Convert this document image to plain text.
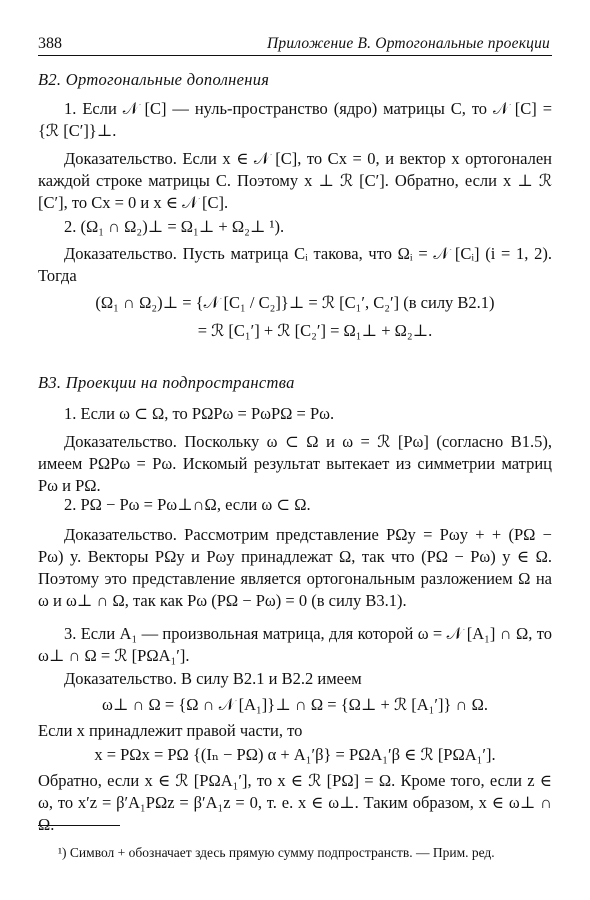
388	Приложение B. Ортогональные проекции
B2. Ортогональные дополнения
1. Если 𝒩 [C] — нуль-пространство (ядро) матрицы C, то 𝒩 [C] = {ℛ [C′]}⊥.
Доказательство. Если x ∈ 𝒩 [C], то Cx = 0, и вектор x ортогонален каждой строке матрицы C. Поэтому x ⊥ ℛ [C′]. Обратно, если x ⊥ ℛ [C′], то Cx = 0 и x ∈ 𝒩 [C].
2. (Ω₁ ∩ Ω₂)⊥ = Ω₁⊥ + Ω₂⊥ ¹).
Доказательство. Пусть матрица Cᵢ такова, что Ωᵢ = 𝒩 [Cᵢ] (i = 1, 2). Тогда
(Ω₁ ∩ Ω₂)⊥ = {𝒩 [C₁ / C₂]}⊥ = ℛ [C₁′, C₂′] (в силу B2.1)
= ℛ [C₁′] + ℛ [C₂′] = Ω₁⊥ + Ω₂⊥.
B3. Проекции на подпространства
1. Если ω ⊂ Ω, то PΩPω = PωPΩ = Pω.
Доказательство. Поскольку ω ⊂ Ω и ω = ℛ [Pω] (согласно B1.5), имеем PΩPω = Pω. Искомый результат вытекает из симметрии матриц Pω и PΩ.
2. PΩ − Pω = Pω⊥∩Ω, если ω ⊂ Ω.
Доказательство. Рассмотрим представление PΩy = Pωy + + (PΩ − Pω) y. Векторы PΩy и Pωy принадлежат Ω, так что (PΩ − Pω) y ∈ Ω. Поэтому это представление является ортогональным разложением Ω на ω и ω⊥ ∩ Ω, так как Pω (PΩ − Pω) = 0 (в силу B3.1).
3. Если A₁ — произвольная матрица, для которой ω = 𝒩 [A₁] ∩ Ω, то ω⊥ ∩ Ω = ℛ [PΩA₁′].
Доказательство. В силу B2.1 и B2.2 имеем
ω⊥ ∩ Ω = {Ω ∩ 𝒩 [A₁]}⊥ ∩ Ω = {Ω⊥ + ℛ [A₁′]} ∩ Ω.
Если x принадлежит правой части, то
x = PΩx = PΩ {(Iₙ − PΩ) α + A₁′β} = PΩA₁′β ∈ ℛ [PΩA₁′].
Обратно, если x ∈ ℛ [PΩA₁′], то x ∈ ℛ [PΩ] = Ω. Кроме того, если z ∈ ω, то x′z = β′A₁PΩz = β′A₁z = 0, т. е. x ∈ ω⊥. Таким образом, x ∈ ω⊥ ∩ Ω.
¹) Символ + обозначает здесь прямую сумму подпространств. — Прим. ред.
